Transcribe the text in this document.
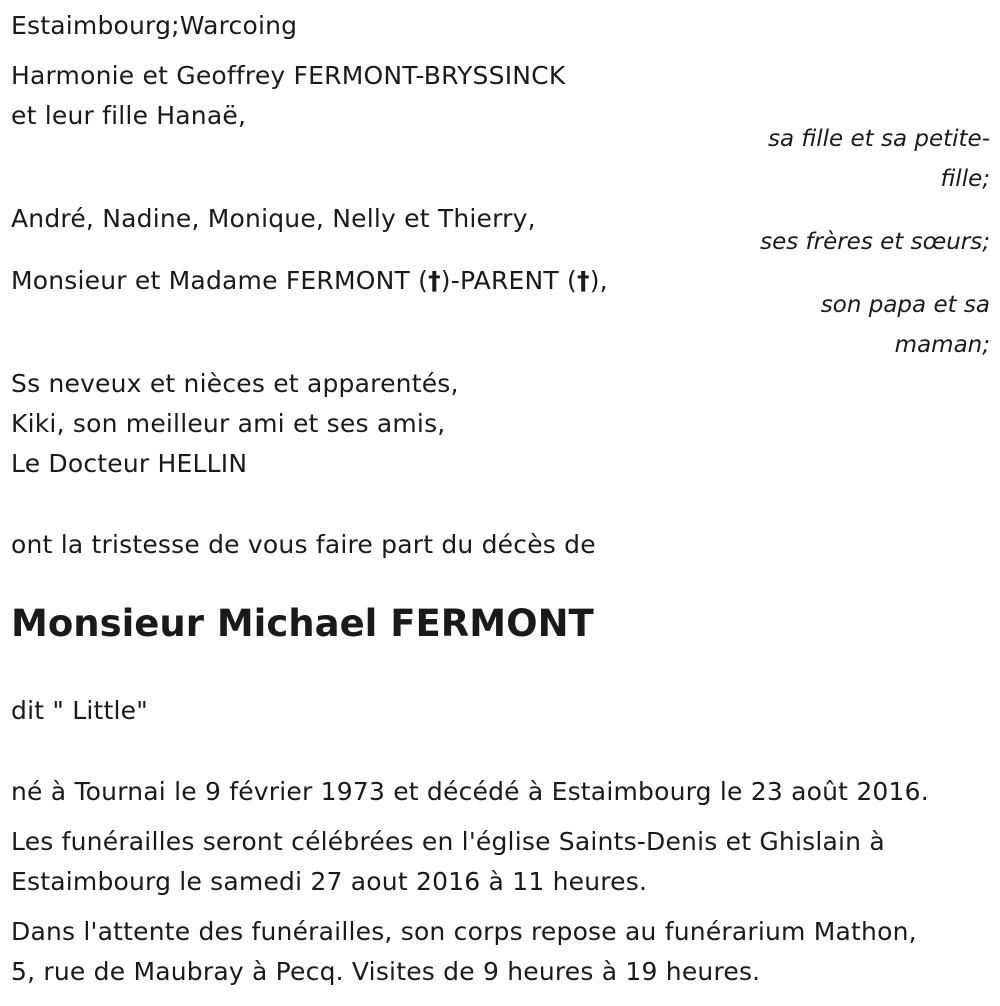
Estaimbourg;Warcoing
Harmonie et Geoffrey FERMONT-BRYSSINCK
et leur fille Hanaë,
sa fille et sa petite-
fille;
André, Nadine, Monique, Nelly et Thierry,
ses frères et sœurs;
Monsieur et Madame FERMONT (†)-PARENT (†),
son papa et sa
maman;
Ss neveux et nièces et apparentés,
Kiki, son meilleur ami et ses amis,
Le Docteur HELLIN
ont la tristesse de vous faire part du décès de
Monsieur Michael FERMONT
dit " Little"
né à Tournai le 9 février 1973 et décédé à Estaimbourg le 23 août 2016.
Les funérailles seront célébrées en l'église Saints-Denis et Ghislain à
Estaimbourg le samedi 27 aout 2016 à 11 heures.
Dans l'attente des funérailles, son corps repose au funérarium Mathon,
5, rue de Maubray à Pecq. Visites de 9 heures à 19 heures.
